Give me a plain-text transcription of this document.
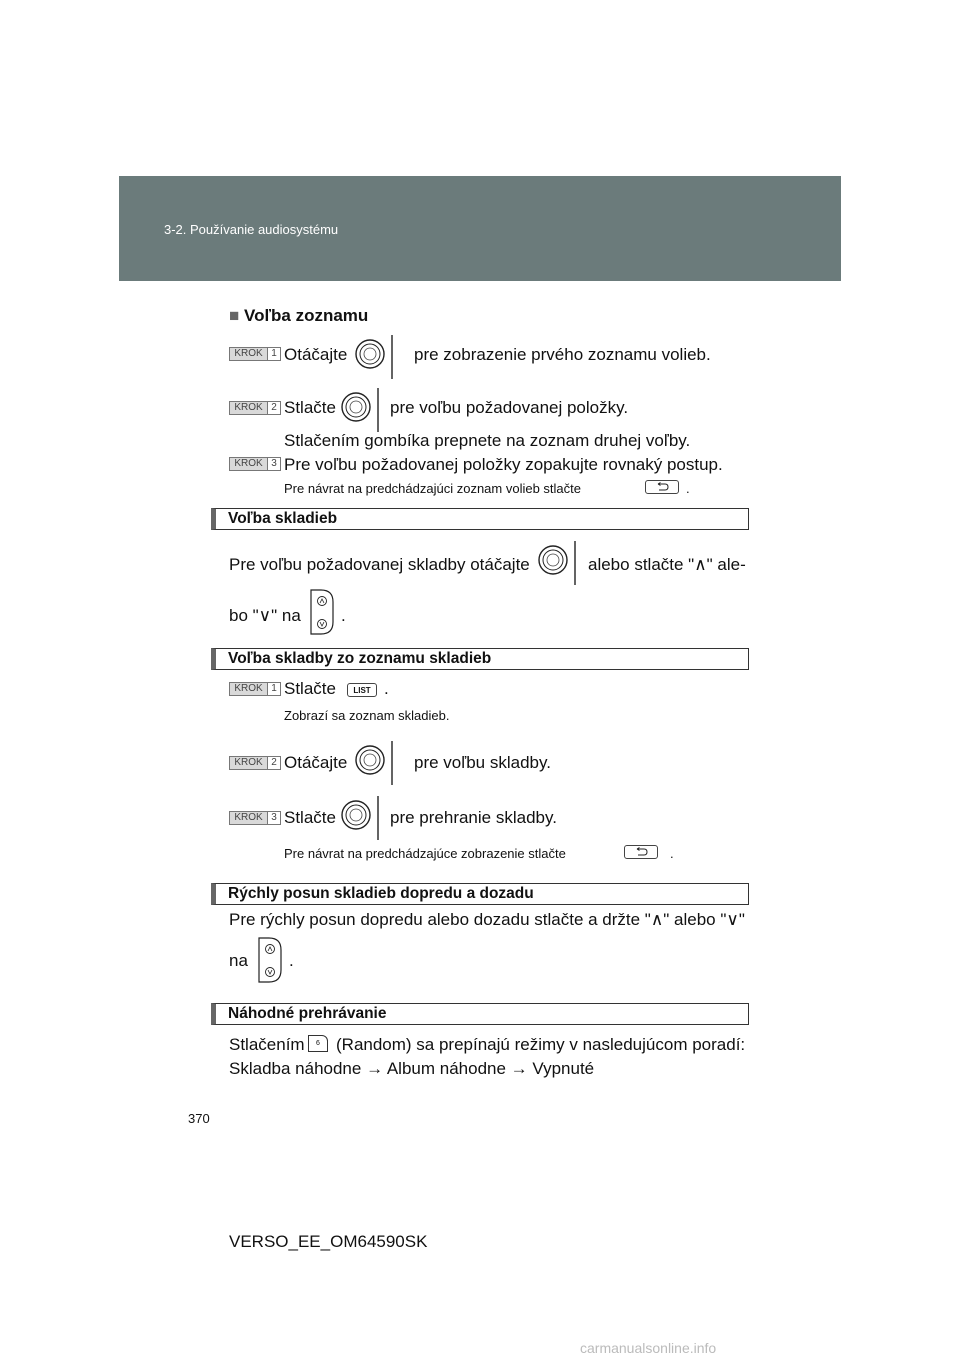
3-2. Používanie audiosystému
■ Voľba zoznamu
KROK 1 Otáčajte	pre zobrazenie prvého zoznamu volieb.
KROK 2 Stlačte	pre voľbu požadovanej položky.
Stlačením gombíka prepnete na zoznam druhej voľby.
KROK 3 Pre voľbu požadovanej položky zopakujte rovnaký postup.
Pre návrat na predchádzajúci zoznam volieb stlačte	.
Voľba skladieb
Pre voľbu požadovanej skladby otáčajte	alebo stlačte "∧" ale-
bo "∨" na .
Voľba skladby zo zoznamu skladieb
KROK 1 Stlačte	LIST .
Zobrazí sa zoznam skladieb.
KROK 2 Otáčajte	pre voľbu skladby.
KROK 3 Stlačte	pre prehranie skladby.
Pre návrat na predchádzajúce zobrazenie stlačte	.
Rýchly posun skladieb dopredu a dozadu
Pre rýchly posun dopredu alebo dozadu stlačte a držte "∧" alebo "∨"
na .
Náhodné prehrávanie
Stlačením	6 (Random) sa prepínajú režimy v nasledujúcom poradí:
Skladba náhodne → Album náhodne → Vypnuté
370
VERSO_EE_OM64590SK
carmanualsonline.info
